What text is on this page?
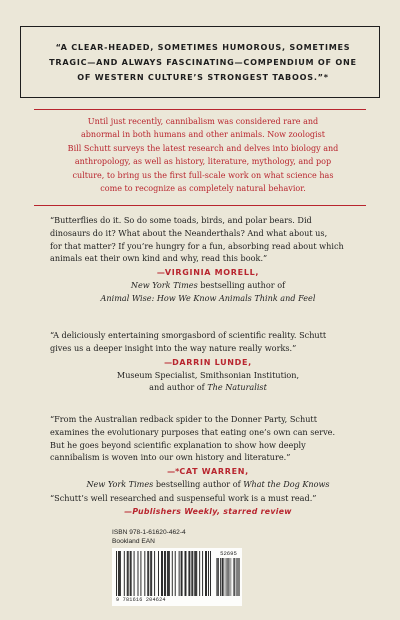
“A CLEAR-HEADED, SOMETIMES HUMOROUS, SOMETIMES
TRAGIC—AND ALWAYS FASCINATING—COMPENDIUM OF ONE
OF WESTERN CULTURE’S STRONGEST TABOOS.”*
Until just recently, cannibalism was considered rare and
abnormal in both humans and other animals. Now zoologist
Bill Schutt surveys the latest research and delves into biology and
anthropology, as well as history, literature, mythology, and pop
culture, to bring us the first full-scale work on what science has
come to recognize as completely natural behavior.
“Butterflies do it. So do some toads, birds, and polar bears. Did
dinosaurs do it? What about the Neanderthals? And what about us,
for that matter? If you’re hungry for a fun, absorbing read about which
animals eat their own kind and why, read this book.”
—VIRGINIA MORELL,
New York Times bestselling author of
Animal Wise: How We Know Animals Think and Feel
“A deliciously entertaining smorgasbord of scientific reality. Schutt
gives us a deeper insight into the way nature really works.”
—DARRIN LUNDE,
Museum Specialist, Smithsonian Institution,
and author of The Naturalist
“From the Australian redback spider to the Donner Party, Schutt
examines the evolutionary purposes that eating one’s own can serve.
But he goes beyond scientific explanation to show how deeply
cannibalism is woven into our own history and literature.”
—*CAT WARREN,
New York Times bestselling author of What the Dog Knows
“Schutt’s well researched and suspenseful work is a must read.”
—Publishers Weekly, starred review
ISBN 978-1-61620-462-4
Bookland EAN
9 781616 204624
52695
